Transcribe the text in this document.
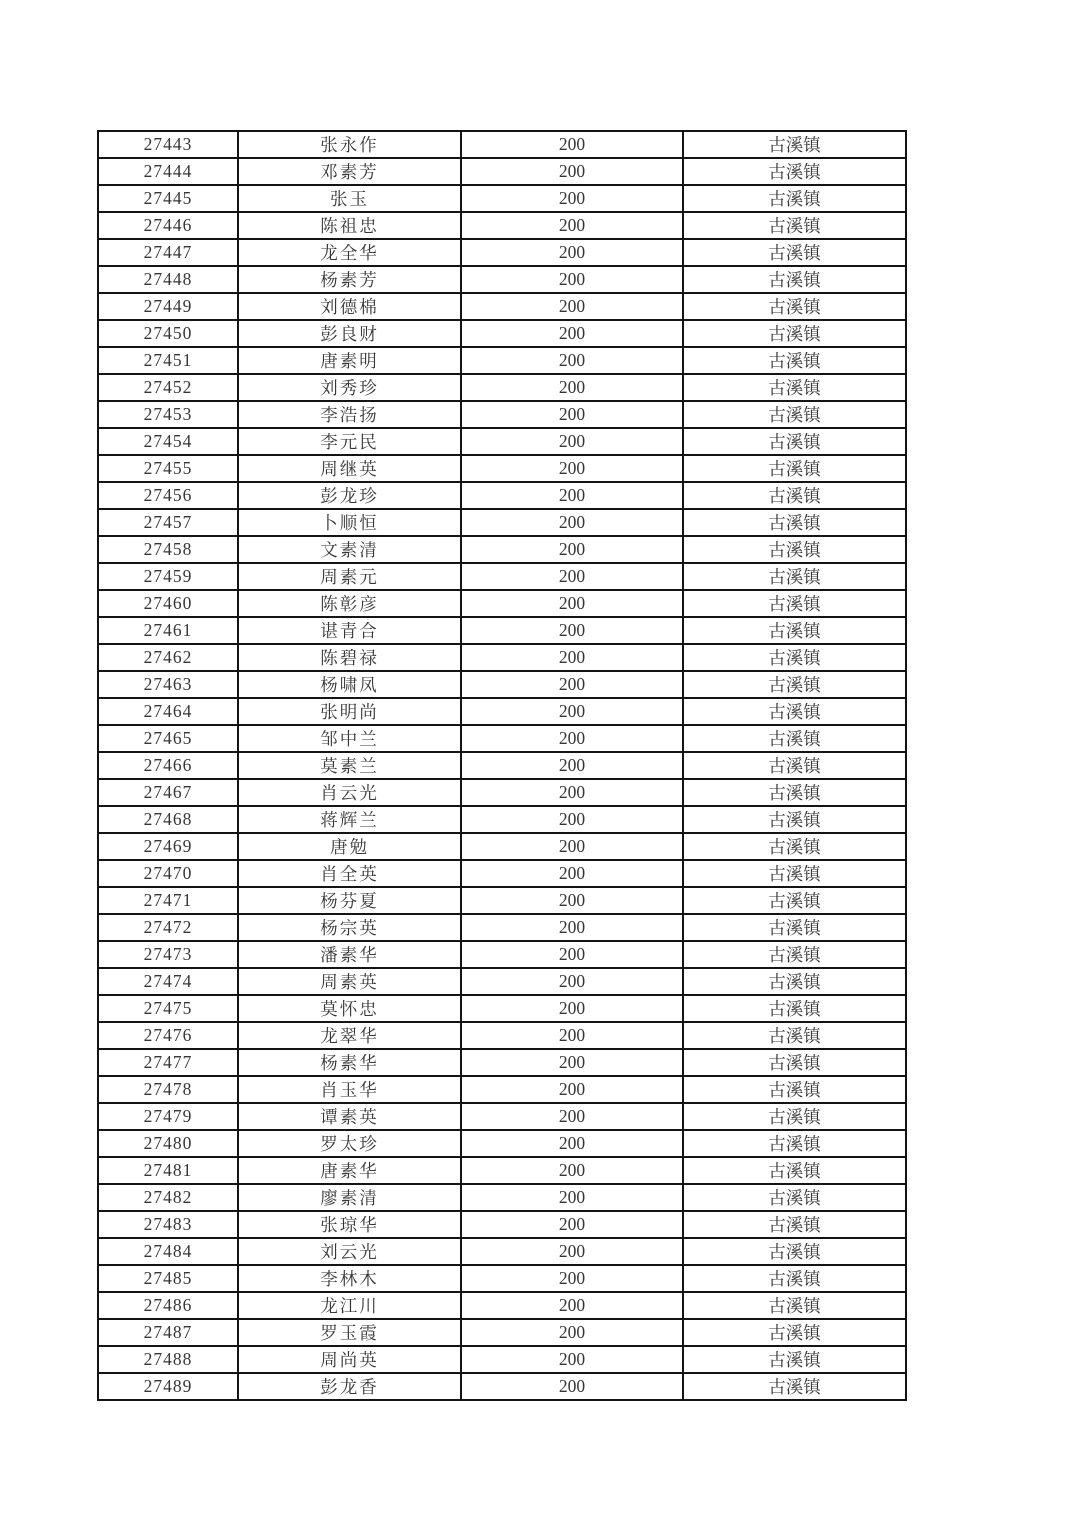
27443	张永作	200	古溪镇
27444	邓素芳	200	古溪镇
27445	张玉	200	古溪镇
27446	陈祖忠	200	古溪镇
27447	龙全华	200	古溪镇
27448	杨素芳	200	古溪镇
27449	刘德棉	200	古溪镇
27450	彭良财	200	古溪镇
27451	唐素明	200	古溪镇
27452	刘秀珍	200	古溪镇
27453	李浩扬	200	古溪镇
27454	李元民	200	古溪镇
27455	周继英	200	古溪镇
27456	彭龙珍	200	古溪镇
27457	卜顺恒	200	古溪镇
27458	文素清	200	古溪镇
27459	周素元	200	古溪镇
27460	陈彰彦	200	古溪镇
27461	谌青合	200	古溪镇
27462	陈碧禄	200	古溪镇
27463	杨啸凤	200	古溪镇
27464	张明尚	200	古溪镇
27465	邹中兰	200	古溪镇
27466	莫素兰	200	古溪镇
27467	肖云光	200	古溪镇
27468	蒋辉兰	200	古溪镇
27469	唐勉	200	古溪镇
27470	肖全英	200	古溪镇
27471	杨芬夏	200	古溪镇
27472	杨宗英	200	古溪镇
27473	潘素华	200	古溪镇
27474	周素英	200	古溪镇
27475	莫怀忠	200	古溪镇
27476	龙翠华	200	古溪镇
27477	杨素华	200	古溪镇
27478	肖玉华	200	古溪镇
27479	谭素英	200	古溪镇
27480	罗太珍	200	古溪镇
27481	唐素华	200	古溪镇
27482	廖素清	200	古溪镇
27483	张琼华	200	古溪镇
27484	刘云光	200	古溪镇
27485	李林木	200	古溪镇
27486	龙江川	200	古溪镇
27487	罗玉霞	200	古溪镇
27488	周尚英	200	古溪镇
27489	彭龙香	200	古溪镇
